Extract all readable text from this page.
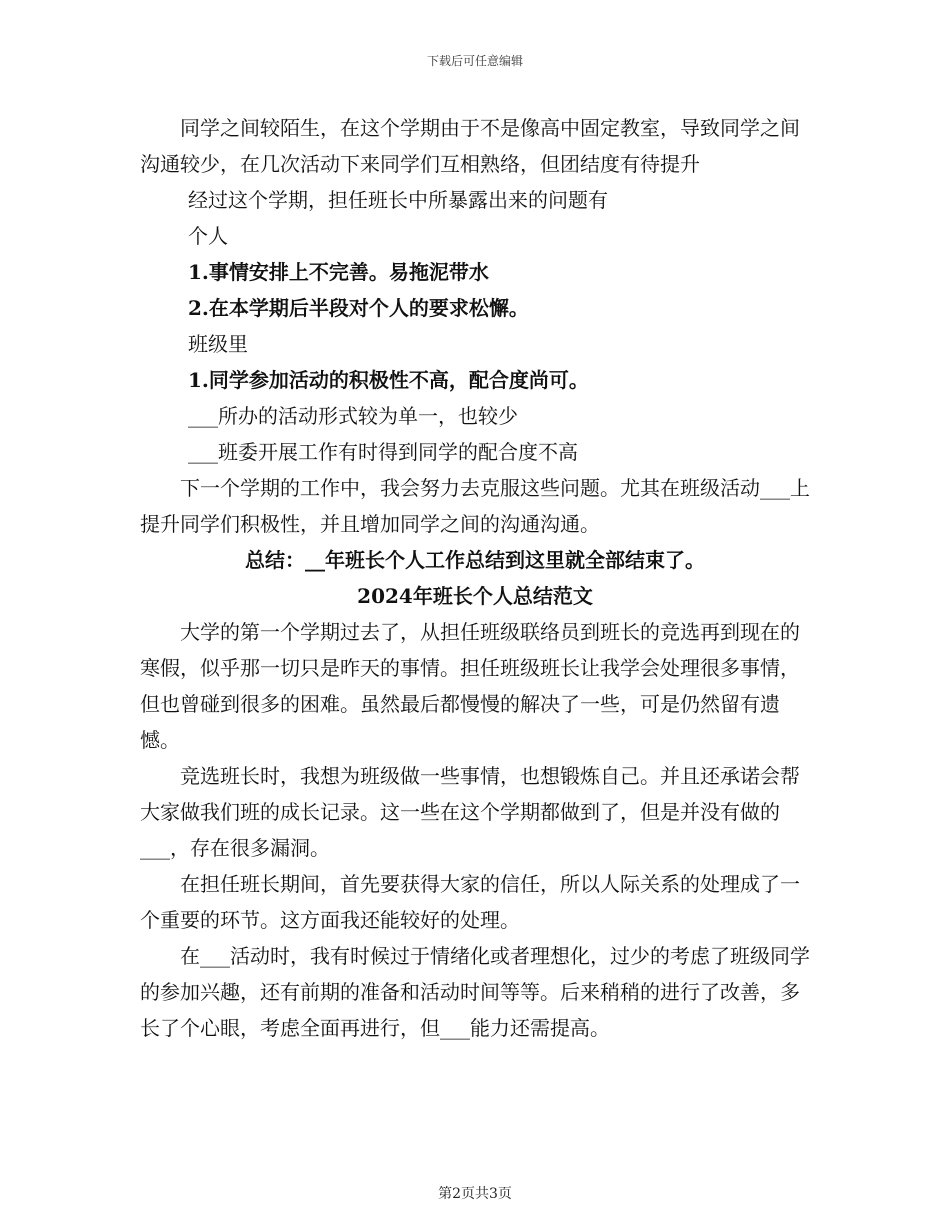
下载后可任意编辑

同学之间较陌生，在这个学期由于不是像高中固定教室，导致同学之间沟通较少，在几次活动下来同学们互相熟络，但团结度有待提升

经过这个学期，担任班长中所暴露出来的问题有
个人
1.事情安排上不完善。易拖泥带水
2.在本学期后半段对个人的要求松懈。
班级里
1.同学参加活动的积极性不高，配合度尚可。
___所办的活动形式较为单一，也较少
___班委开展工作有时得到同学的配合度不高

下一个学期的工作中，我会努力去克服这些问题。尤其在班级活动___上提升同学们积极性，并且增加同学之间的沟通沟通。

总结：__年班长个人工作总结到这里就全部结束了。
2024年班长个人总结范文

大学的第一个学期过去了，从担任班级联络员到班长的竞选再到现在的寒假，似乎那一切只是昨天的事情。担任班级班长让我学会处理很多事情，但也曾碰到很多的困难。虽然最后都慢慢的解决了一些，可是仍然留有遗憾。

竞选班长时，我想为班级做一些事情，也想锻炼自己。并且还承诺会帮大家做我们班的成长记录。这一些在这个学期都做到了，但是并没有做的___，存在很多漏洞。

在担任班长期间，首先要获得大家的信任，所以人际关系的处理成了一个重要的环节。这方面我还能较好的处理。

在___活动时，我有时候过于情绪化或者理想化，过少的考虑了班级同学的参加兴趣，还有前期的准备和活动时间等等。后来稍稍的进行了改善，多长了个心眼，考虑全面再进行，但___能力还需提高。

第2页共3页
